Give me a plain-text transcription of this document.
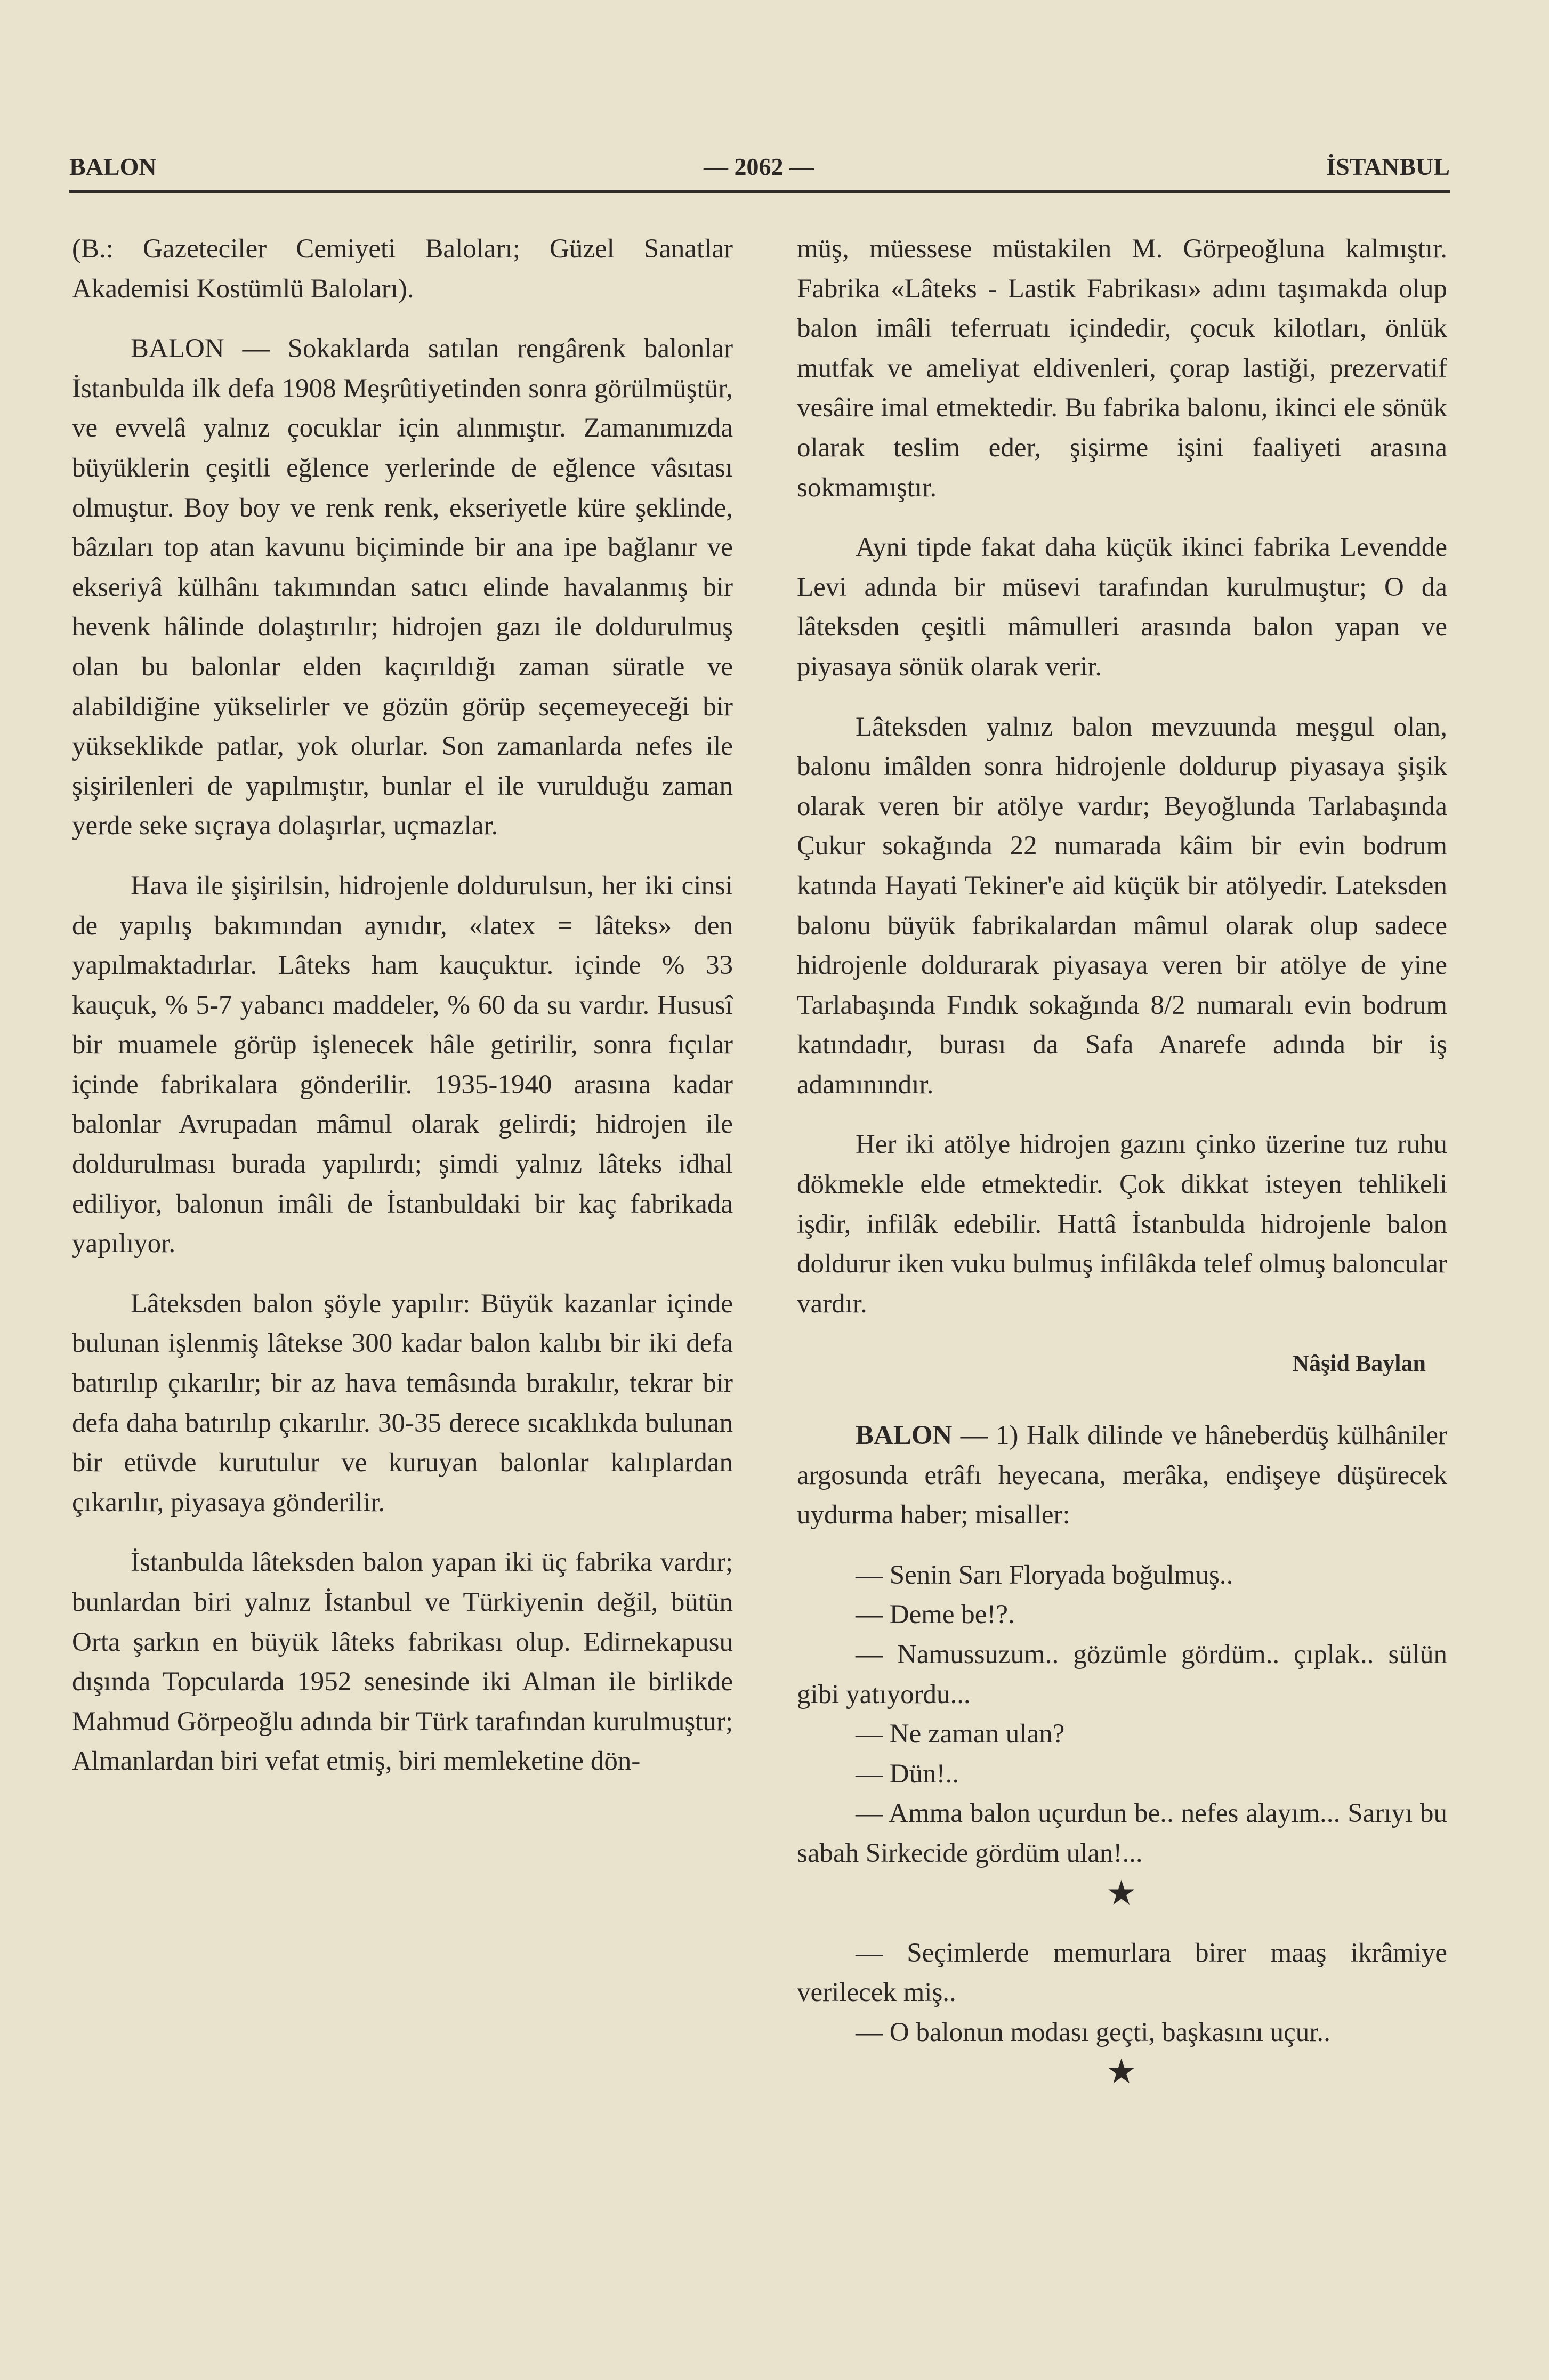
BALON	— 2062 —	İSTANBUL

(B.: Gazeteciler Cemiyeti Baloları; Güzel Sanatlar Akademisi Kostümlü Baloları).

BALON — Sokaklarda satılan rengârenk balonlar İstanbulda ilk defa 1908 Meşrûtiyetinden sonra görülmüştür, ve evvelâ yalnız çocuklar için alınmıştır. Zamanımızda büyüklerin çeşitli eğlence yerlerinde de eğlence vâsıtası olmuştur. Boy boy ve renk renk, ekseriyetle küre şeklinde, bâzıları top atan kavunu biçiminde bir ana ipe bağlanır ve ekseriyâ külhânı takımından satıcı elinde havalanmış bir hevenk hâlinde dolaştırılır; hidrojen gazı ile doldurulmuş olan bu balonlar elden kaçırıldığı zaman süratle ve alabildiğine yükselirler ve gözün görüp seçemeyeceği bir yükseklikde patlar, yok olurlar. Son zamanlarda nefes ile şişirilenleri de yapılmıştır, bunlar el ile vurulduğu zaman yerde seke sıçraya dolaşırlar, uçmazlar.

Hava ile şişirilsin, hidrojenle doldurulsun, her iki cinsi de yapılış bakımından aynıdır, «latex = lâteks» den yapılmaktadırlar. Lâteks ham kauçuktur. içinde % 33 kauçuk, % 5-7 yabancı maddeler, % 60 da su vardır. Hususî bir muamele görüp işlenecek hâle getirilir, sonra fıçılar içinde fabrikalara gönderilir. 1935-1940 arasına kadar balonlar Avrupadan mâmul olarak gelirdi; hidrojen ile doldurulması burada yapılırdı; şimdi yalnız lâteks idhal ediliyor, balonun imâli de İstanbuldaki bir kaç fabrikada yapılıyor.

Lâteksden balon şöyle yapılır: Büyük kazanlar içinde bulunan işlenmiş lâtekse 300 kadar balon kalıbı bir iki defa batırılıp çıkarılır; bir az hava temâsında bırakılır, tekrar bir defa daha batırılıp çıkarılır. 30-35 derece sıcaklıkda bulunan bir etüvde kurutulur ve kuruyan balonlar kalıplardan çıkarılır, piyasaya gönderilir.

İstanbulda lâteksden balon yapan iki üç fabrika vardır; bunlardan biri yalnız İstanbul ve Türkiyenin değil, bütün Orta şarkın en büyük lâteks fabrikası olup. Edirnekapusu dışında Topcularda 1952 senesinde iki Alman ile birlikde Mahmud Görpeoğlu adında bir Türk tarafından kurulmuştur; Almanlardan biri vefat etmiş, biri memleketine dön-

müş, müessese müstakilen M. Görpeoğluna kalmıştır. Fabrika «Lâteks - Lastik Fabrikası» adını taşımakda olup balon imâli teferruatı içindedir, çocuk kilotları, önlük mutfak ve ameliyat eldivenleri, çorap lastiği, prezervatif vesâire imal etmektedir. Bu fabrika balonu, ikinci ele sönük olarak teslim eder, şişirme işini faaliyeti arasına sokmamıştır.

Ayni tipde fakat daha küçük ikinci fabrika Levendde Levi adında bir müsevi tarafından kurulmuştur; O da lâteksden çeşitli mâmulleri arasında balon yapan ve piyasaya sönük olarak verir.

Lâteksden yalnız balon mevzuunda meşgul olan, balonu imâlden sonra hidrojenle doldurup piyasaya şişik olarak veren bir atölye vardır; Beyoğlunda Tarlabaşında Çukur sokağında 22 numarada kâim bir evin bodrum katında Hayati Tekiner'e aid küçük bir atölyedir. Lateksden balonu büyük fabrikalardan mâmul olarak olup sadece hidrojenle doldurarak piyasaya veren bir atölye de yine Tarlabaşında Fındık sokağında 8/2 numaralı evin bodrum katındadır, burası da Safa Anarefe adında bir iş adamınındır.

Her iki atölye hidrojen gazını çinko üzerine tuz ruhu dökmekle elde etmektedir. Çok dikkat isteyen tehlikeli işdir, infilâk edebilir. Hattâ İstanbulda hidrojenle balon doldurur iken vuku bulmuş infilâkda telef olmuş baloncular vardır.

Nâşid Baylan

BALON — 1) Halk dilinde ve hâneberdüş külhâniler argosunda etrâfı heyecana, merâka, endişeye düşürecek uydurma haber; misaller:

— Senin Sarı Floryada boğulmuş..

— Deme be!?.

— Namussuzum.. gözümle gördüm.. çıplak.. sülün gibi yatıyordu...

— Ne zaman ulan?

— Dün!..

— Amma balon uçurdun be.. nefes alayım... Sarıyı bu sabah Sirkecide gördüm ulan!...

★

— Seçimlerde memurlara birer maaş ikrâmiye verilecek miş..

— O balonun modası geçti, başkasını uçur..

★
